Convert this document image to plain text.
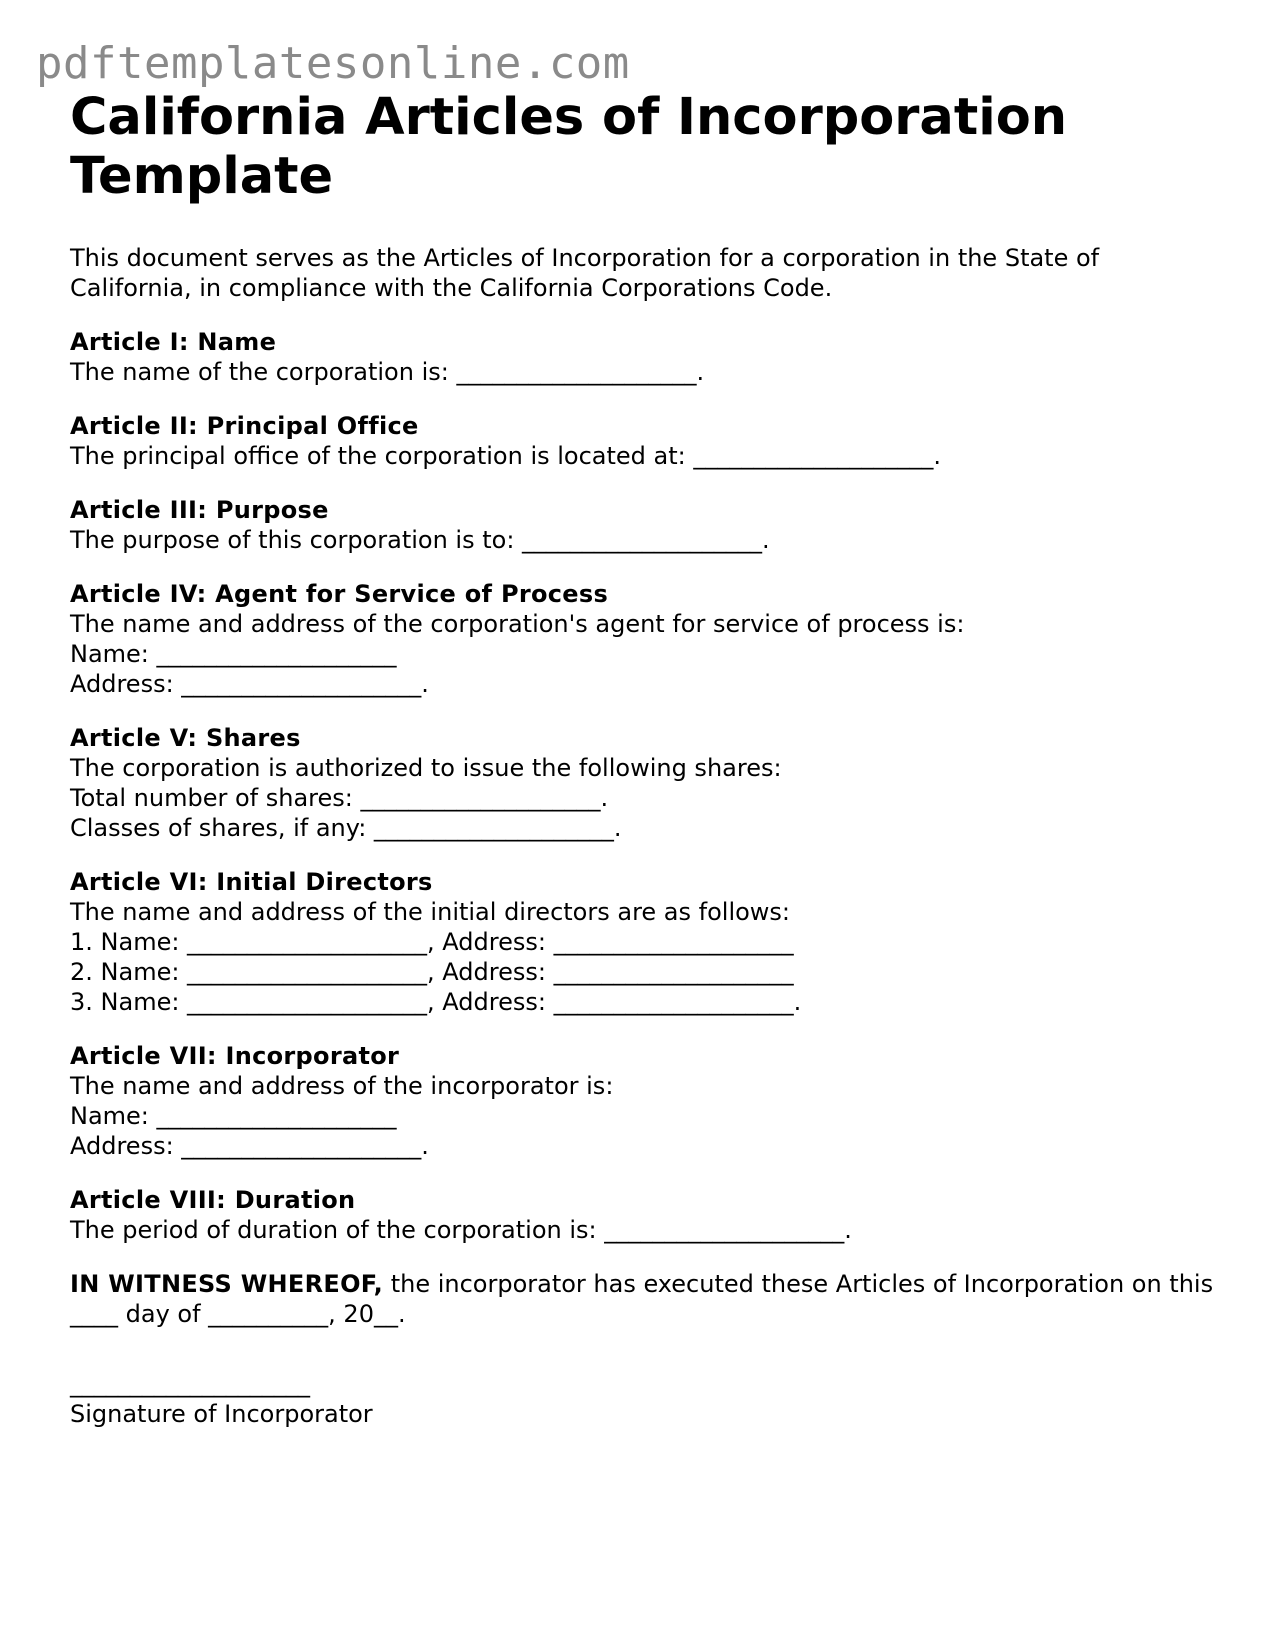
pdftemplatesonline.com
California Articles of Incorporation
Template

This document serves as the Articles of Incorporation for a corporation in the State of California, in compliance with the California Corporations Code.

Article I: Name
The name of the corporation is: ____________________.
Article II: Principal Office
The principal office of the corporation is located at: ____________________.
Article III: Purpose
The purpose of this corporation is to: ____________________.
Article IV: Agent for Service of Process
The name and address of the corporation's agent for service of process is:
Name: ____________________
Address: ____________________.
Article V: Shares
The corporation is authorized to issue the following shares:
Total number of shares: ____________________.
Classes of shares, if any: ____________________.
Article VI: Initial Directors
The name and address of the initial directors are as follows:
1. Name: ____________________, Address: ____________________
2. Name: ____________________, Address: ____________________
3. Name: ____________________, Address: ____________________.
Article VII: Incorporator
The name and address of the incorporator is:
Name: ____________________
Address: ____________________.
Article VIII: Duration
The period of duration of the corporation is: ____________________.

IN WITNESS WHEREOF, the incorporator has executed these Articles of Incorporation on this ____ day of __________, 20__.

____________________
Signature of Incorporator
